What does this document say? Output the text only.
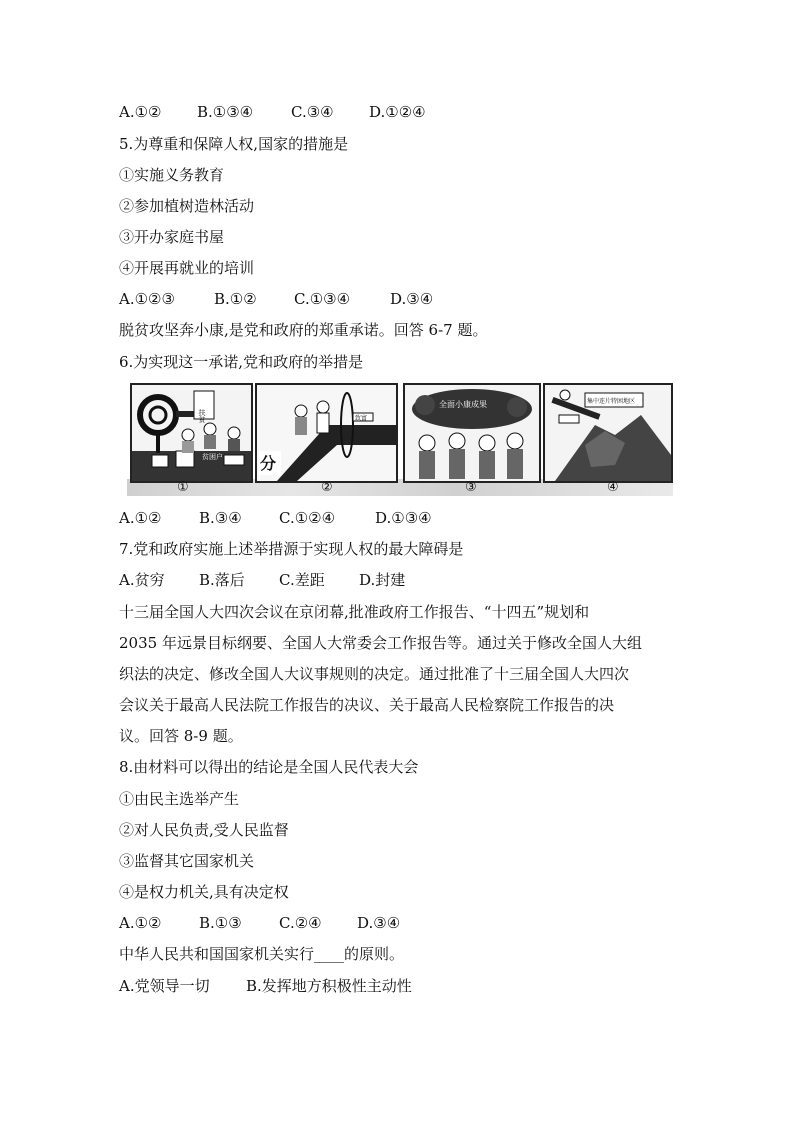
A.①② B.①③④	C.③④ D.①②④
5.为尊重和保障人权,国家的措施是
①实施义务教育
②参加植树造林活动
③开办家庭书屋
④开展再就业的培训
A.①②③	B.①② C.①③④	D.③④
脱贫攻坚奔小康,是党和政府的郑重承诺。回答 6-7 题。
6.为实现这一承诺,党和政府的举措是
扶贫
贫困户
①
致富
分
②
全面小康成果
③
集中连片特困地区
④
A.①②	B.③④ C.①②④	D.①③④
7.党和政府实施上述举措源于实现人权的最大障碍是
A.贫穷 B.落后 C.差距 D.封建
十三届全国人大四次会议在京闭幕,批准政府工作报告、“十四五”规划和
2035 年远景目标纲要、全国人大常委会工作报告等。通过关于修改全国人大组
织法的决定、修改全国人大议事规则的决定。通过批准了十三届全国人大四次
会议关于最高人民法院工作报告的决议、关于最高人民检察院工作报告的决
议。回答 8-9 题。
8.由材料可以得出的结论是全国人民代表大会
①由民主选举产生
②对人民负责,受人民监督
③监督其它国家机关
④是权力机关,具有决定权
A.①②	B.①③ C.②④ D.③④
中华人民共和国国家机关实行____的原则。
A.党领导一切 B.发挥地方积极性主动性
